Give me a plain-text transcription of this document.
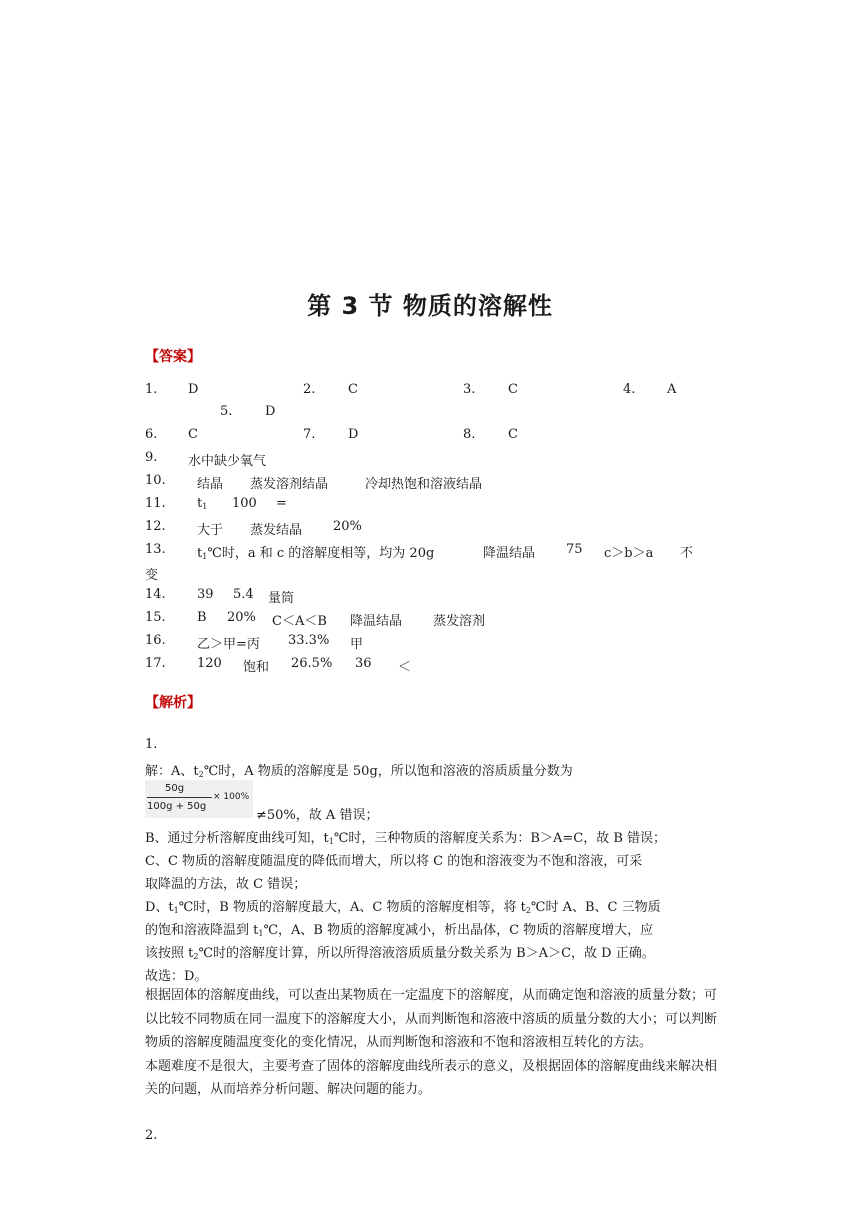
第 3 节 物质的溶解性
【答案】
1. D	2.	C	3.	C	4. A
5.	D
6. C	7.	D	8.	C
9. 水中缺少氧气
10. 结晶 蒸发溶剂结晶	冷却热饱和溶液结晶
11. $t_1$ 100 =
12. 大于 蒸发结晶 20%
13. $t_1℃$时，a 和 c 的溶解度相等，均为 20g	降温结晶 75 c＞b＞a 不
变
14. 39 5.4 量筒
15. B 20% C＜A＜B 降温结晶 蒸发溶剂
16. 乙＞甲=丙 33.3% 甲
17. 120 饱和 26.5% 36 ＜
【解析】
1.
解：A、$t_2℃$时，A 物质的溶解度是 50g，所以饱和溶液的溶质质量分数为
50g
100g + 50g
× 100%
≠50%，故 A 错误；
B、通过分析溶解度曲线可知，$t_1℃$时，三种物质的溶解度关系为：B＞A=C，故 B 错误；
C、C 物质的溶解度随温度的降低而增大，所以将 C 的饱和溶液变为不饱和溶液，可采
取降温的方法，故 C 错误；
D、$t_1℃$时，B 物质的溶解度最大，A、C 物质的溶解度相等，将 $t_2℃$时 A、B、C 三物质
的饱和溶液降温到 $t_1℃$，A、B 物质的溶解度减小，析出晶体，C 物质的溶解度增大，应
该按照 $t_2℃$时的溶解度计算，所以所得溶液溶质质量分数关系为 B＞A＞C，故 D 正确。
故选：D。

根据固体的溶解度曲线，可以查出某物质在一定温度下的溶解度，从而确定饱和溶液的质量分数；可以比较不同物质在同一温度下的溶解度大小，从而判断饱和溶液中溶质的质量分数的大小；可以判断物质的溶解度随温度变化的变化情况，从而判断饱和溶液和不饱和溶液相互转化的方法。

本题难度不是很大，主要考查了固体的溶解度曲线所表示的意义，及根据固体的溶解度曲线来解决相关的问题，从而培养分析问题、解决问题的能力。

2.
